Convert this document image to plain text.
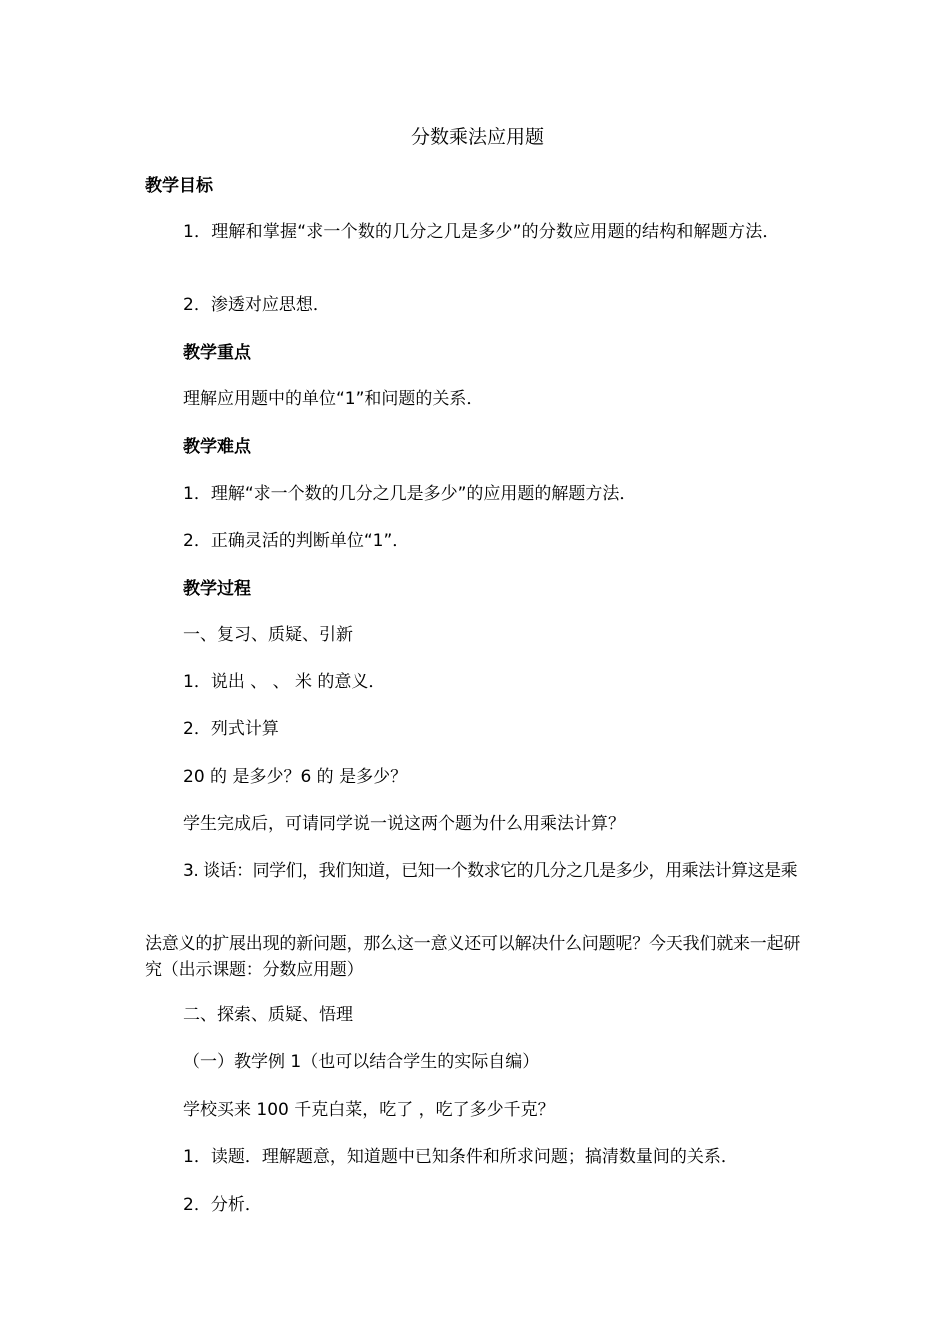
分数乘法应用题
教学目标
1．理解和掌握“求一个数的几分之几是多少”的分数应用题的结构和解题方法．
2．渗透对应思想．
教学重点
理解应用题中的单位“1”和问题的关系．
教学难点
1．理解“求一个数的几分之几是多少”的应用题的解题方法．
2．正确灵活的判断单位“1”．
教学过程
一、复习、质疑、引新
1．说出 、 、 米 的意义．
2．列式计算
20 的 是多少？6 的 是多少？
学生完成后，可请同学说一说这两个题为什么用乘法计算？
3. 谈话：同学们，我们知道，已知一个数求它的几分之几是多少，用乘法计算这是乘
法意义的扩展出现的新问题，那么这一意义还可以解决什么问题呢？今天我们就来一起研究（出示课题：分数应用题）
二、探索、质疑、悟理
（一）教学例 1（也可以结合学生的实际自编）
学校买来 100 千克白菜，吃了 ，吃了多少千克？
1．读题．理解题意，知道题中已知条件和所求问题；搞清数量间的关系．
2．分析．
